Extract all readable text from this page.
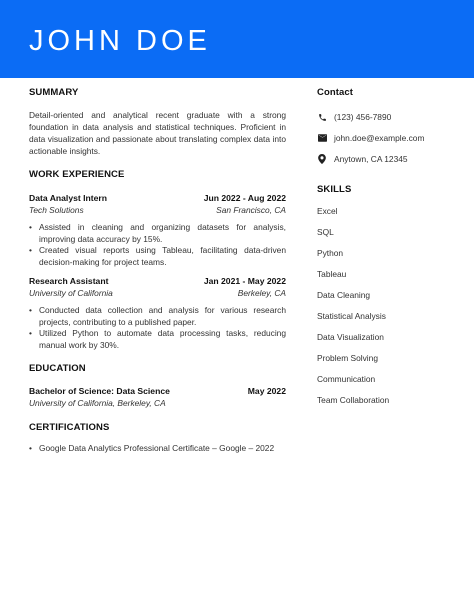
JOHN DOE
SUMMARY

Detail-oriented and analytical recent graduate with a strong foundation in data analysis and statistical techniques. Proficient in data visualization and passionate about translating complex data into actionable insights.

WORK EXPERIENCE
Data Analyst Intern	Jun 2022 - Aug 2022
Tech Solutions	San Francisco, CA
• Assisted in cleaning and organizing datasets for analysis, improving data accuracy by 15%.
• Created visual reports using Tableau, facilitating data-driven decision-making for project teams.
Research Assistant	Jan 2021 - May 2022
University of California	Berkeley, CA
• Conducted data collection and analysis for various research projects, contributing to a published paper.
• Utilized Python to automate data processing tasks, reducing manual work by 30%.
EDUCATION
Bachelor of Science: Data Science	May 2022
University of California, Berkeley, CA
CERTIFICATIONS
• Google Data Analytics Professional Certificate – Google – 2022
Contact
(123) 456-7890
john.doe@example.com
Anytown, CA 12345
SKILLS
Excel
SQL
Python
Tableau
Data Cleaning
Statistical Analysis
Data Visualization
Problem Solving
Communication
Team Collaboration
